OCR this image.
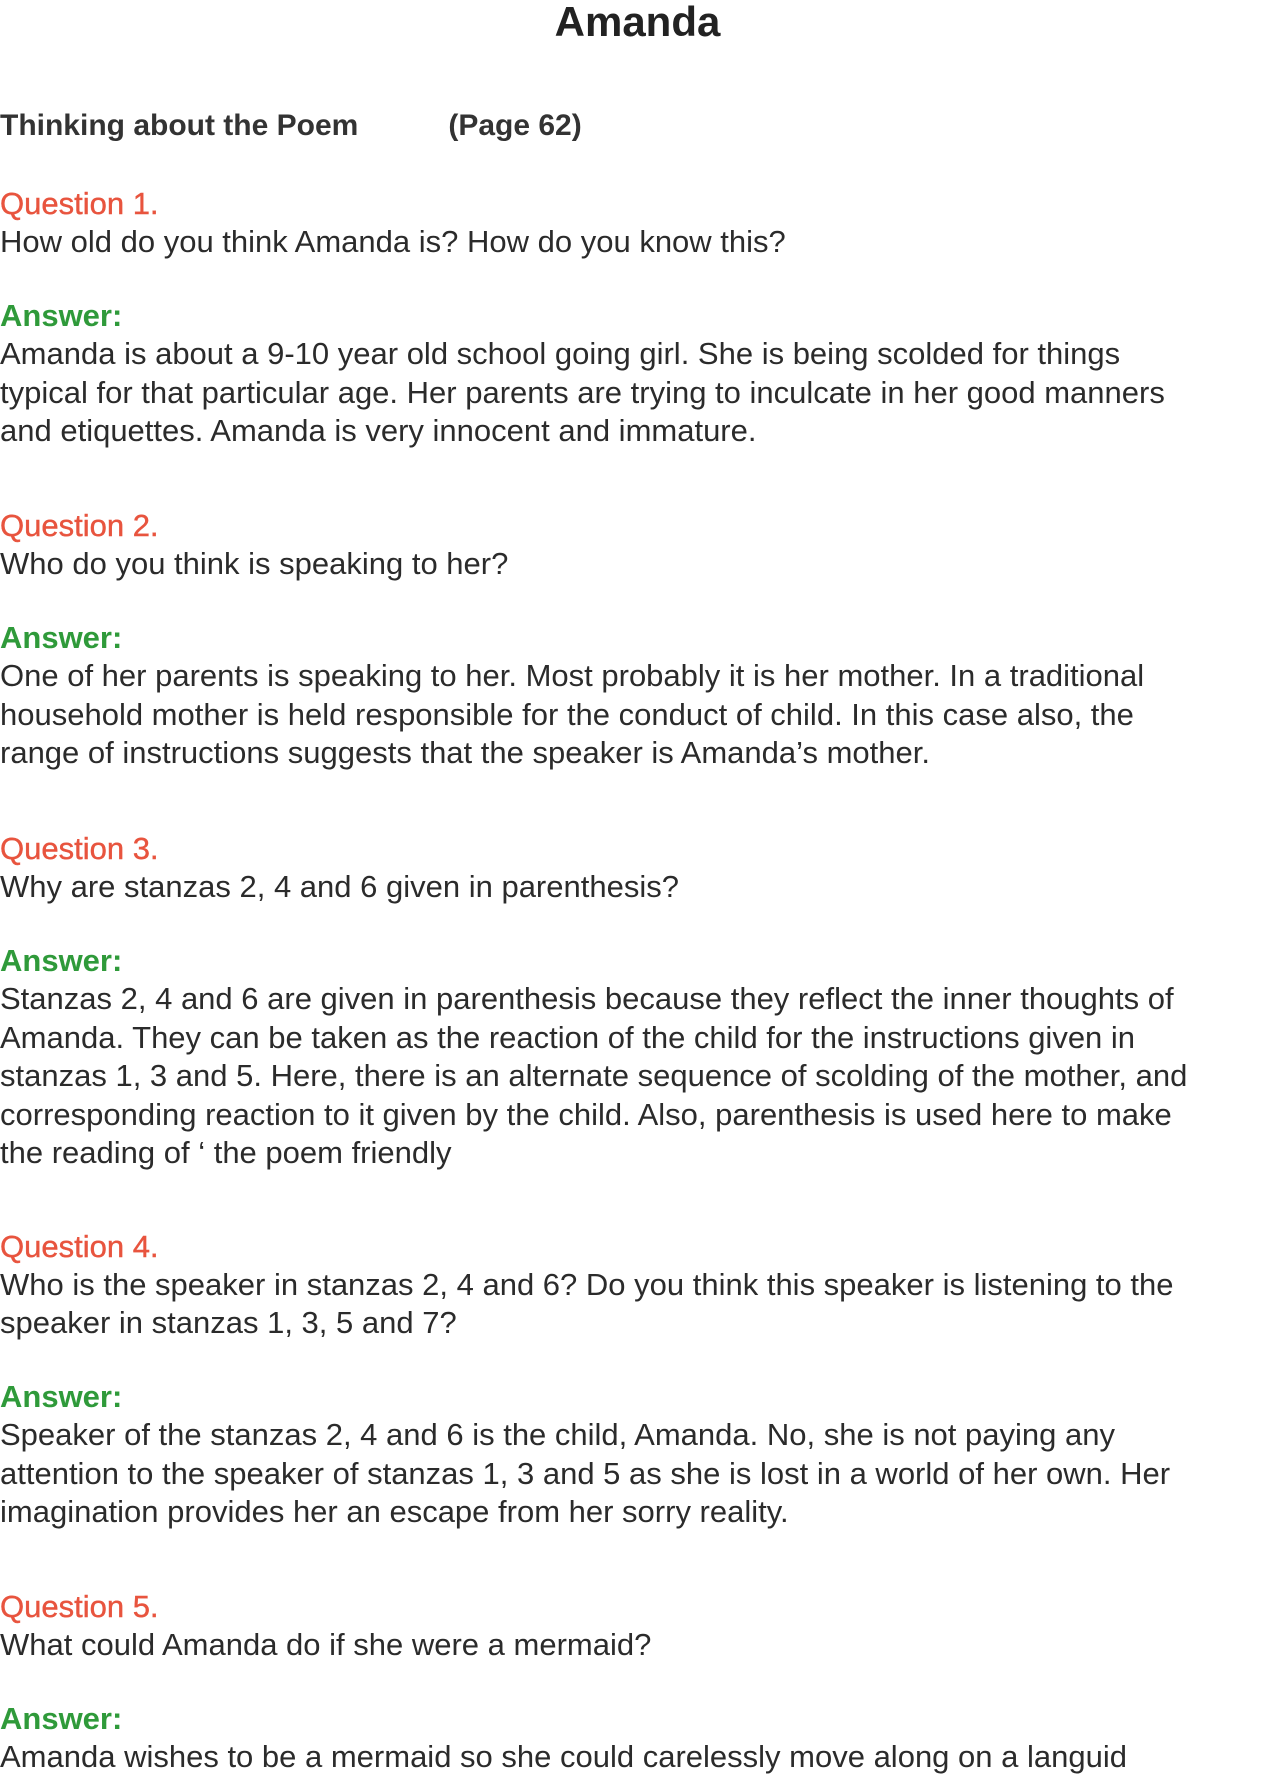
Amanda
Thinking about the Poem	(Page 62)

Question 1.

How old do you think Amanda is? How do you know this?

Answer:

Amanda is about a 9-10 year old school going girl. She is being scolded for things

typical for that particular age. Her parents are trying to inculcate in her good manners

and etiquettes. Amanda is very innocent and immature.

Question 2.

Who do you think is speaking to her?

Answer:

One of her parents is speaking to her. Most probably it is her mother. In a traditional

household mother is held responsible for the conduct of child. In this case also, the

range of instructions suggests that the speaker is Amanda’s mother.

Question 3.

Why are stanzas 2, 4 and 6 given in parenthesis?

Answer:

Stanzas 2, 4 and 6 are given in parenthesis because they reflect the inner thoughts of

Amanda. They can be taken as the reaction of the child for the instructions given in

stanzas 1, 3 and 5. Here, there is an alternate sequence of scolding of the mother, and

corresponding reaction to it given by the child. Also, parenthesis is used here to make

the reading of ‘ the poem friendly

Question 4.

Who is the speaker in stanzas 2, 4 and 6? Do you think this speaker is listening to the

speaker in stanzas 1, 3, 5 and 7?

Answer:

Speaker of the stanzas 2, 4 and 6 is the child, Amanda. No, she is not paying any

attention to the speaker of stanzas 1, 3 and 5 as she is lost in a world of her own. Her

imagination provides her an escape from her sorry reality.

Question 5.

What could Amanda do if she were a mermaid?

Answer:

Amanda wishes to be a mermaid so she could carelessly move along on a languid
